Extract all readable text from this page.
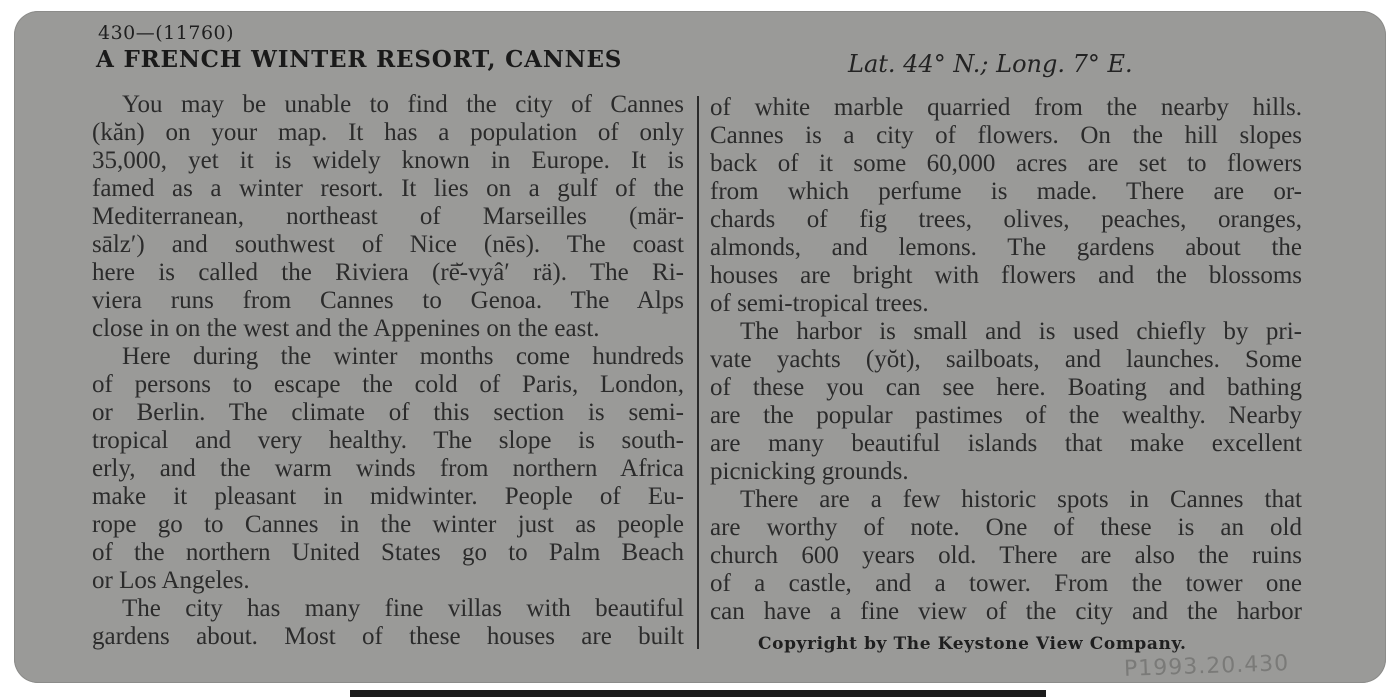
430—(11760)
A FRENCH WINTER RESORT, CANNES	Lat. 44° N.; Long. 7° E.
You may be unable to find the city of Cannes
(kăn) on your map. It has a population of only
35,000, yet it is widely known in Europe. It is
famed as a winter resort. It lies on a gulf of the
Mediterranean, northeast of Marseilles (mär-
sālz′) and southwest of Nice (nēs). The coast
here is called the Riviera (rē̆-vyâ′ rä). The Ri-
viera runs from Cannes to Genoa. The Alps
close in on the west and the Appenines on the east.
Here during the winter months come hundreds
of persons to escape the cold of Paris, London,
or Berlin. The climate of this section is semi-
tropical and very healthy. The slope is south-
erly, and the warm winds from northern Africa
make it pleasant in midwinter. People of Eu-
rope go to Cannes in the winter just as people
of the northern United States go to Palm Beach
or Los Angeles.
The city has many fine villas with beautiful
gardens about. Most of these houses are built
of white marble quarried from the nearby hills.
Cannes is a city of flowers. On the hill slopes
back of it some 60,000 acres are set to flowers
from which perfume is made. There are or-
chards of fig trees, olives, peaches, oranges,
almonds, and lemons. The gardens about the
houses are bright with flowers and the blossoms
of semi-tropical trees.
The harbor is small and is used chiefly by pri-
vate yachts (yŏt), sailboats, and launches. Some
of these you can see here. Boating and bathing
are the popular pastimes of the wealthy. Nearby
are many beautiful islands that make excellent
picnicking grounds.
There are a few historic spots in Cannes that
are worthy of note. One of these is an old
church 600 years old. There are also the ruins
of a castle, and a tower. From the tower one
can have a fine view of the city and the harbor
Copyright by The Keystone View Company.
P1993.20.430
